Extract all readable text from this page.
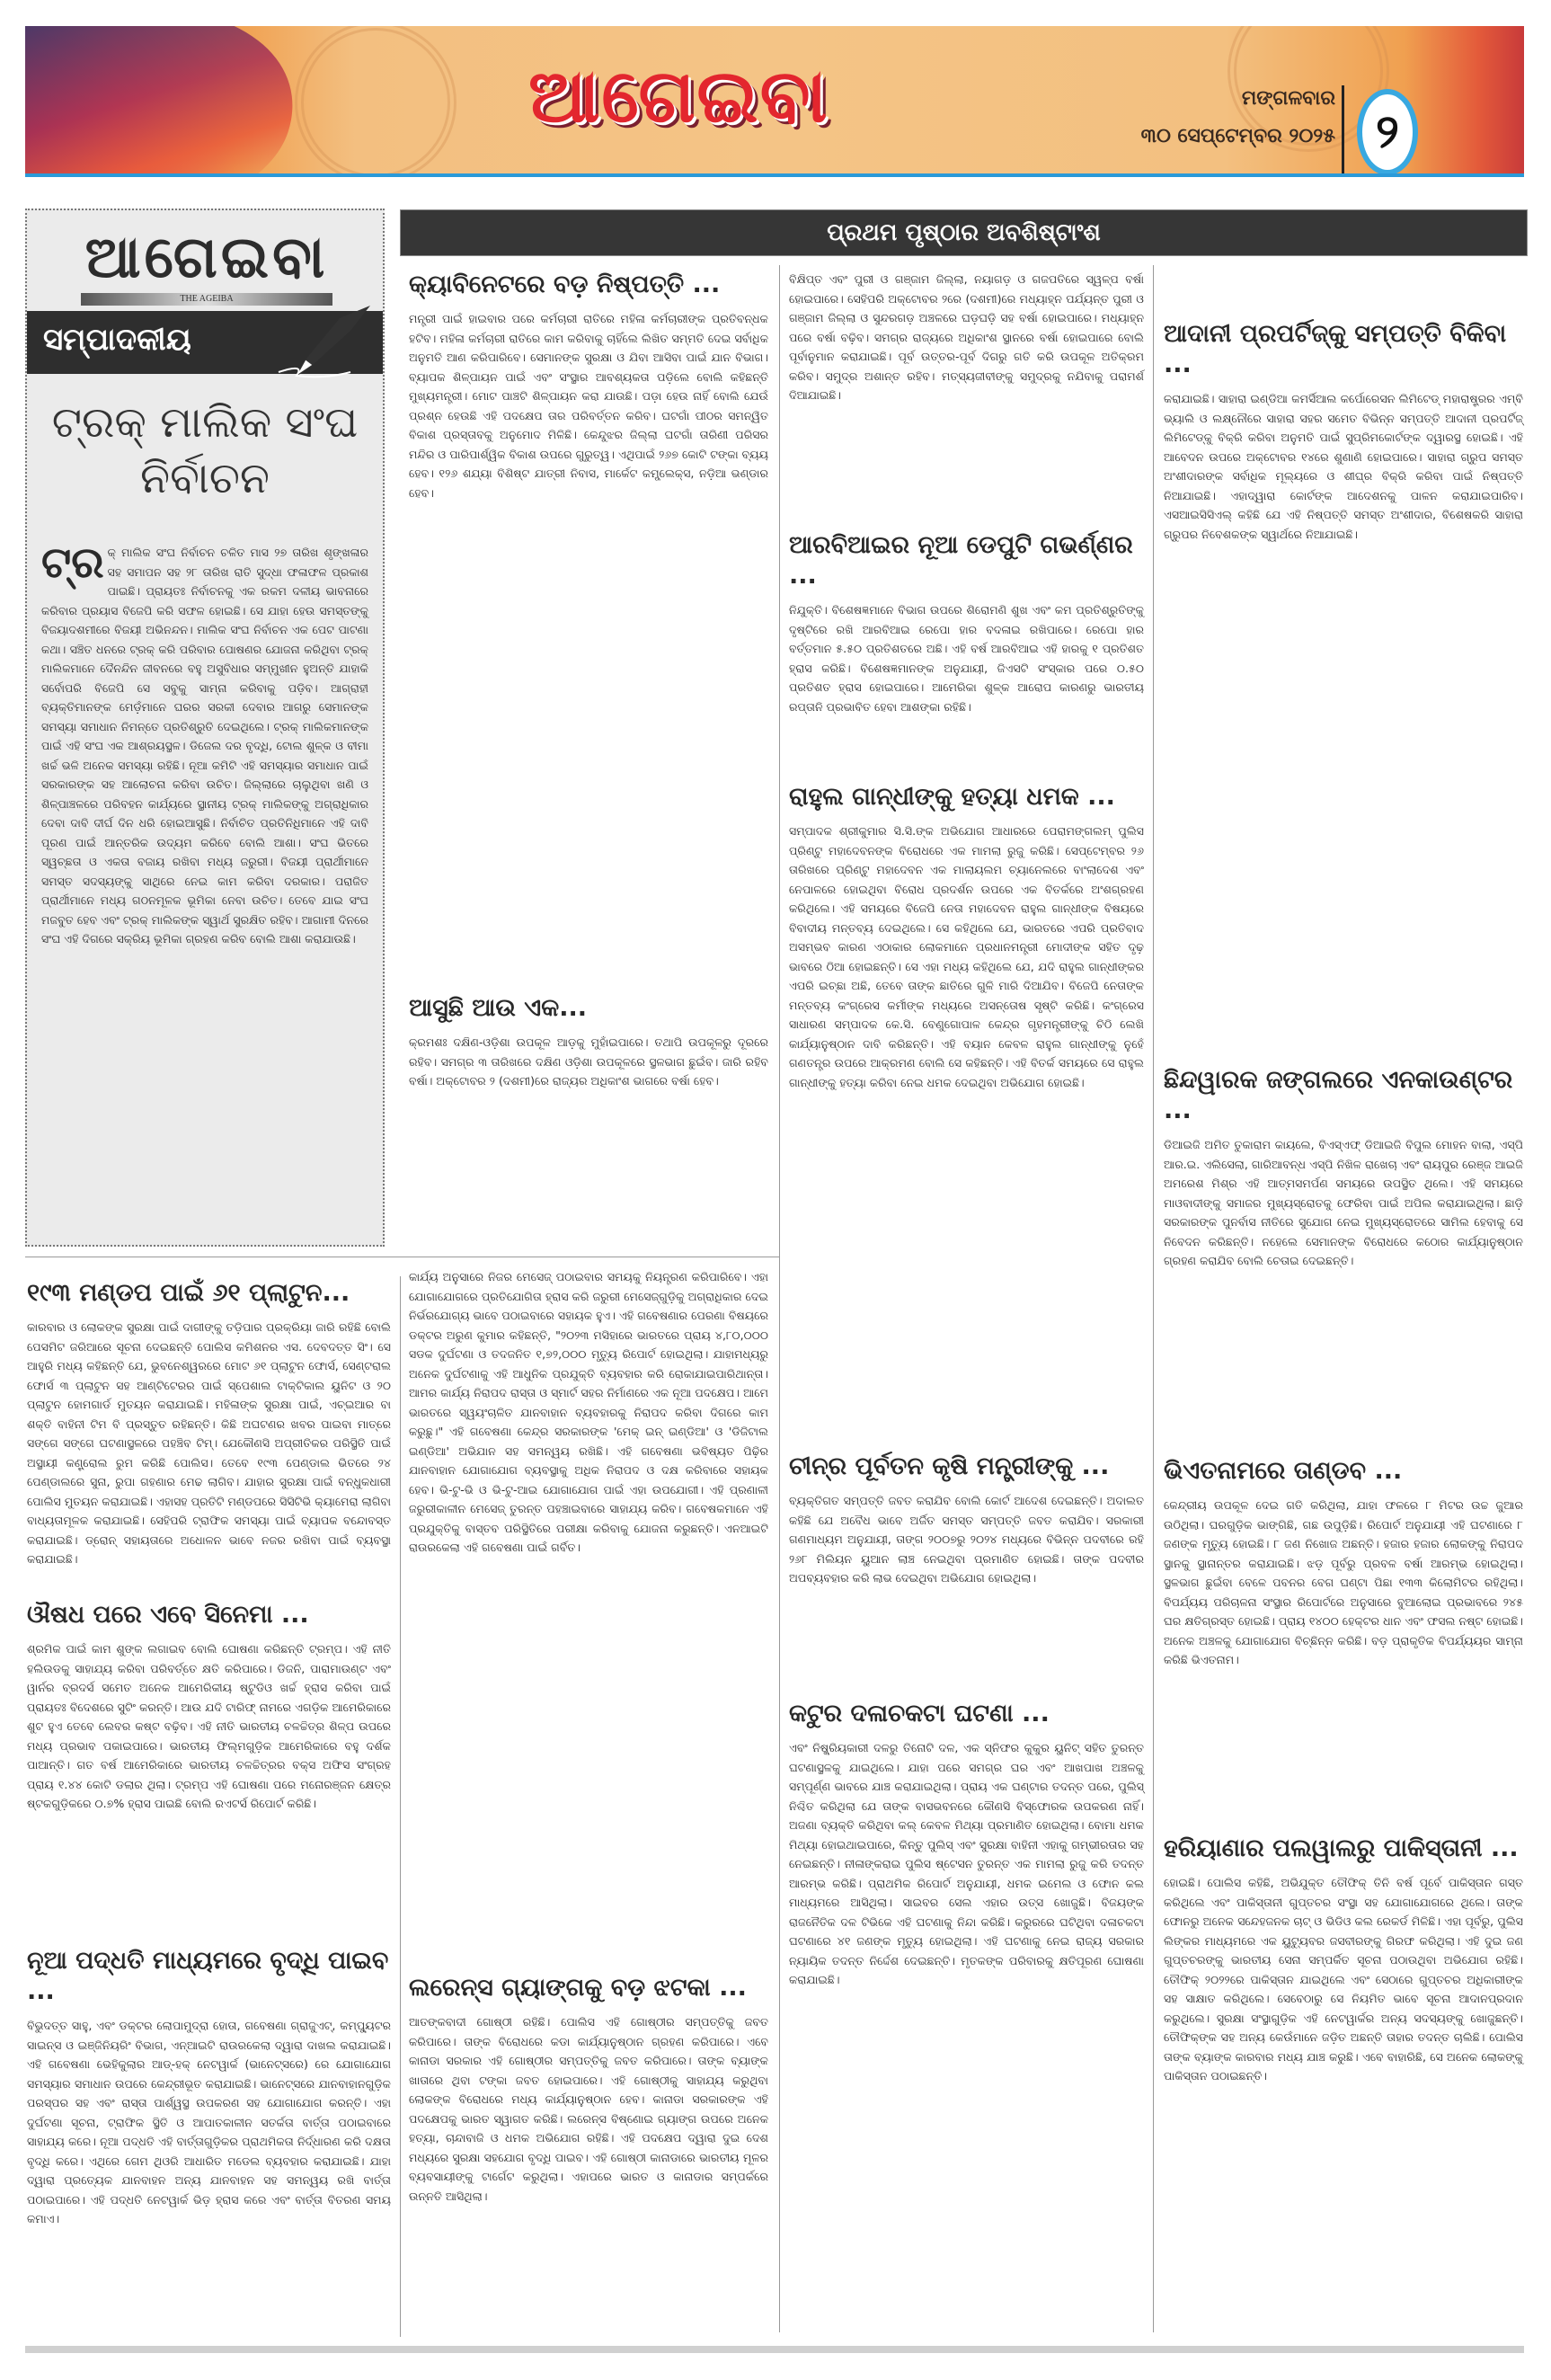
ଆଗେଇବା	ମଙ୍ଗଳବାର
୩୦ ସେପ୍ଟେମ୍ବର ୨୦୨୫ ୨
ଆଗେଇବା
THE AGEIBA
ସମ୍ପାଦକୀୟ
ଟ୍ରକ୍ ମାଲିକ ସଂଘ ନିର୍ବାଚନ
ଟ୍ର କ୍ ମାଲିକ ସଂଘ ନିର୍ବାଚନ ଚଳିତ ମାସ ୨୭ ତାରିଖ ଶୃଙ୍ଖଳାର ସହ ସମାପନ ସହ ୨୮ ତାରିଖ ରାତି ସୁଦ୍ଧା ଫଳାଫଳ ପ୍ରକାଶ ପାଇଛି। ପ୍ରାୟତଃ ନିର୍ବାଚନକୁ ଏକ ରକମ ଦଳୀୟ ଭାବନାରେ କରିବାର ପ୍ରୟାସ ବିଜେପି କରି ସଫଳ ହୋଇଛି। ସେ ଯାହା ହେଉ ସମସ୍ତଙ୍କୁ ବିଜୟାଦଶମୀରେ ବିଜୟୀ ଅଭିନନ୍ଦନ। ମାଲିକ ସଂଘ ନିର୍ବାଚନ ଏକ ପେଟ ପାଟଣା କଥା। ସଞ୍ଚିତ ଧନରେ ଟ୍ରକ୍ କରି ପରିବାର ପୋଷଣର ଯୋଜନା କରିଥିବା ଟ୍ରକ୍ ମାଲିକମାନେ ଦୈନନ୍ଦିନ ଜୀବନରେ ବହୁ ଅସୁବିଧାର ସମ୍ମୁଖୀନ ହୁଅନ୍ତି ଯାହାକି ସର୍ବୋପରି ବିଜେପି ସେ ସବୁକୁ ସାମ୍ନା କରିବାକୁ ପଡ଼ିବ। ଆଗ୍ରାହୀ ବ୍ୟକ୍ତିମାନଙ୍କ ମେଡ଼ଁମାନେ ଘରର ସରକୀ ଦେବାର ଆଗରୁ ସେମାନଙ୍କ ସମସ୍ୟା ସମାଧାନ ନିମନ୍ତେ ପ୍ରତିଶ୍ରୁତି ଦେଇଥିଲେ। ଟ୍ରକ୍ ମାଲିକମାନଙ୍କ ପାଇଁ ଏହି ସଂଘ ଏକ ଆଶ୍ରୟସ୍ଥଳ। ଡିଜେଲ ଦର ବୃଦ୍ଧି, ଟୋଲ ଶୁଳ୍କ ଓ ବୀମା ଖର୍ଚ୍ଚ ଭଳି ଅନେକ ସମସ୍ୟା ରହିଛି। ନୂଆ କମିଟି ଏହି ସମସ୍ୟାର ସମାଧାନ ପାଇଁ ସରକାରଙ୍କ ସହ ଆଲୋଚନା କରିବା ଉଚିତ। ଜିଲ୍ଲାରେ ଚାଲୁଥିବା ଖଣି ଓ ଶିଳ୍ପାଞ୍ଚଳରେ ପରିବହନ କାର୍ଯ୍ୟରେ ସ୍ଥାନୀୟ ଟ୍ରକ୍ ମାଲିକଙ୍କୁ ଅଗ୍ରାଧିକାର ଦେବା ଦାବି ଦୀର୍ଘ ଦିନ ଧରି ହୋଇଆସୁଛି। ନିର୍ବାଚିତ ପ୍ରତିନିଧିମାନେ ଏହି ଦାବି ପୂରଣ ପାଇଁ ଆନ୍ତରିକ ଉଦ୍ୟମ କରିବେ ବୋଲି ଆଶା। ସଂଘ ଭିତରେ ସ୍ୱଚ୍ଛତା ଓ ଏକତା ବଜାୟ ରଖିବା ମଧ୍ୟ ଜରୁରୀ। ବିଜୟୀ ପ୍ରାର୍ଥୀମାନେ ସମସ୍ତ ସଦସ୍ୟଙ୍କୁ ସାଥିରେ ନେଇ କାମ କରିବା ଦରକାର। ପରାଜିତ ପ୍ରାର୍ଥୀମାନେ ମଧ୍ୟ ଗଠନମୂଳକ ଭୂମିକା ନେବା ଉଚିତ। ତେବେ ଯାଇ ସଂଘ ମଜବୁତ ହେବ ଏବଂ ଟ୍ରକ୍ ମାଲିକଙ୍କ ସ୍ୱାର୍ଥ ସୁରକ୍ଷିତ ରହିବ। ଆଗାମୀ ଦିନରେ ସଂଘ ଏହି ଦିଗରେ ସକ୍ରିୟ ଭୂମିକା ଗ୍ରହଣ କରିବ ବୋଲି ଆଶା କରାଯାଉଛି।
ପ୍ରଥମ ପୃଷ୍ଠାର ଅବଶିଷ୍ଟାଂଶ
କ୍ୟାବିନେଟରେ ବଡ଼ ନିଷ୍ପତ୍ତି ...

ମନ୍ତ୍ରୀ ପାଇଁ ହାଇବାର ପରେ କର୍ମଚାରୀ ରାତିରେ ମହିଳା କର୍ମଚାରୀଙ୍କ ପ୍ରତିବନ୍ଧକ ହଟିବ। ମହିଳା କର୍ମଚାରୀ ରାତିରେ କାମ କରିବାକୁ ଚାହିଁଲେ ଲିଖିତ ସମ୍ମତି ଦେଇ ସର୍ବାଧିକ ଅନୁମତି ଆଣ କରିପାରିବେ। ସେମାନଙ୍କ ସୁରକ୍ଷା ଓ ଯିବା ଆସିବା ପାଇଁ ଯାନ ବିଭାଗ। ବ୍ୟାପକ ଶିଳ୍ପାୟନ ପାଇଁ ଏବଂ ସଂସ୍ଥାର ଆବଶ୍ୟକତା ପଡ଼ିଲେ ବୋଲି କହିଛନ୍ତି ମୁଖ୍ୟମନ୍ତ୍ରୀ। ମୋଟ ପାଞ୍ଚଟି ଶିଳ୍ପାୟନ କରା ଯାଉଛି। ପଡ଼ା ହେଉ ନାହିଁ ବୋଲି ଯେଉଁ ପ୍ରଶ୍ନ ହେଉଛି ଏହି ପଦକ୍ଷେପ ତାର ପରିବର୍ତ୍ତନ କରିବ। ଘଟଗାଁ ପୀଠର ସମନ୍ୱିତ ବିକାଶ ପ୍ରସ୍ତାବକୁ ଅନୁମୋଦ ମିଳିଛି। କେନ୍ଦୁଝର ଜିଲ୍ଲା ଘଟଗାଁ ତାରିଣୀ ପରିସର ମନ୍ଦିର ଓ ପାରିପାର୍ଶ୍ୱିକ ବିକାଶ ଉପରେ ଗୁରୁତ୍ୱ। ଏଥିପାଇଁ ୨୬୭ କୋଟି ଟଙ୍କା ବ୍ୟୟ ହେବ। ୧୨୬ ଶଯ୍ୟା ବିଶିଷ୍ଟ ଯାତ୍ରୀ ନିବାସ, ମାର୍କେଟ କମ୍ପ୍ଲେକ୍ସ, ନଡ଼ିଆ ଭଣ୍ଡାର ହେବ।

ଆସୁଛି ଆଉ ଏକ...

କ୍ରମଶଃ ଦକ୍ଷିଣ-ଓଡ଼ିଶା ଉପକୂଳ ଆଡ଼କୁ ମୁହାଁଇପାରେ। ତଥାପି ଉପକୂଳରୁ ଦୂରରେ ରହିବ। ସମଗ୍ର ୩ ତାରିଖରେ ଦକ୍ଷିଣ ଓଡ଼ିଶା ଉପକୂଳରେ ସ୍ଥଳଭାଗ ଛୁଇଁବ। ଜାରି ରହିବ ବର୍ଷା। ଅକ୍ଟୋବର ୨ (ଦଶମୀ)ରେ ରାଜ୍ୟର ଅଧିକାଂଶ ଭାଗରେ ବର୍ଷା ହେବ।

ବିକ୍ଷିପ୍ତ ଏବଂ ପୁରୀ ଓ ଗଞ୍ଜାମ ଜିଲ୍ଲା, ନୟାଗଡ଼ ଓ ଗଜପତିରେ ସ୍ୱଳ୍ପ ବର୍ଷା ହୋଇପାରେ। ସେହିପରି ଅକ୍ଟୋବର ୨ରେ (ଦଶମୀ)ରେ ମଧ୍ୟାହ୍ନ ପର୍ଯ୍ୟନ୍ତ ପୁରୀ ଓ ଗଞ୍ଜାମ ଜିଲ୍ଲା ଓ ସୁନ୍ଦରଗଡ଼ ଅଞ୍ଚଳରେ ଘଡ଼ଘଡ଼ି ସହ ବର୍ଷା ହୋଇପାରେ। ମଧ୍ୟାହ୍ନ ପରେ ବର୍ଷା ବଢ଼ିବ। ସମଗ୍ର ରାଜ୍ୟରେ ଅଧିକାଂଶ ସ୍ଥାନରେ ବର୍ଷା ହୋଇପାରେ ବୋଲି ପୂର୍ବାନୁମାନ କରାଯାଇଛି। ପୂର୍ବ ଉତ୍ତର-ପୂର୍ବ ଦିଗରୁ ଗତି କରି ଉପକୂଳ ଅତିକ୍ରମ କରିବ। ସମୁଦ୍ର ଅଶାନ୍ତ ରହିବ। ମତ୍ସ୍ୟଜୀବୀଙ୍କୁ ସମୁଦ୍ରକୁ ନଯିବାକୁ ପରାମର୍ଶ ଦିଆଯାଇଛି।

ଆଦାନୀ ପ୍ରପର୍ଟିଜ୍‌କୁ ସମ୍ପତ୍ତି ବିକିବା ...

କରାଯାଇଛି। ସାହାରା ଇଣ୍ଡିଆ କମର୍ସିଆଲ କର୍ପୋରେସନ ଲିମିଟେଡ୍ ମହାରାଷ୍ଟ୍ରର ଏମ୍ବି ଭ୍ୟାଲି ଓ ଲକ୍ଷ୍ନୌରେ ସାହାରା ସହର ସମେତ ବିଭିନ୍ନ ସମ୍ପତ୍ତି ଆଦାନୀ ପ୍ରପର୍ଟିଜ୍ ଲିମିଟେଡ୍‌କୁ ବିକ୍ରି କରିବା ଅନୁମତି ପାଇଁ ସୁପ୍ରିମକୋର୍ଟଙ୍କ ଦ୍ୱାରସ୍ଥ ହୋଇଛି। ଏହି ଆବେଦନ ଉପରେ ଅକ୍ଟୋବର ୧୪ରେ ଶୁଣାଣି ହୋଇପାରେ। ସାହାରା ଗ୍ରୁପ ସମସ୍ତ ଅଂଶୀଦାରଙ୍କ ସର୍ବାଧିକ ମୂଲ୍ୟରେ ଓ ଶୀଘ୍ର ବିକ୍ରି କରିବା ପାଇଁ ନିଷ୍ପତ୍ତି ନିଆଯାଇଛି। ଏହାଦ୍ୱାରା କୋର୍ଟଙ୍କ ଆଦେଶନକୁ ପାଳନ କରାଯାଇପାରିବ। ଏସଆଇସିସିଏଲ୍ କହିଛି ଯେ ଏହି ନିଷ୍ପତ୍ତି ସମସ୍ତ ଅଂଶୀଦାର, ବିଶେଷକରି ସାହାରା ଗ୍ରୁପର ନିବେଶକଙ୍କ ସ୍ୱାର୍ଥରେ ନିଆଯାଇଛି।

ଆରବିଆଇର ନୂଆ ଡେପୁଟି ଗଭର୍ଣ୍ଣର ...

ନିଯୁକ୍ତି। ବିଶେଷଜ୍ଞମାନେ ବିଭାଗ ଉପରେ ଶିରୋମଣି ଶୁଖ ଏବଂ କମ ପ୍ରତିଶ୍ରୁତିଙ୍କୁ ଦୃଷ୍ଟିରେ ରଖି ଆରବିଆଇ ରେପୋ ହାର ବଦଳାଇ ରଖିପାରେ। ରେପୋ ହାର ବର୍ତ୍ତମାନ ୫.୫୦ ପ୍ରତିଶତରେ ଅଛି। ଏହି ବର୍ଷ ଆରବିଆଇ ଏହି ହାରକୁ ୧ ପ୍ରତିଶତ ହ୍ରାସ କରିଛି। ବିଶେଷଜ୍ଞମାନଙ୍କ ଅନୁଯାୟୀ, ଜିଏସଟି ସଂସ୍କାର ପରେ ୦.୫୦ ପ୍ରତିଶତ ହ୍ରାସ ହୋଇପାରେ। ଆମେରିକା ଶୁଳ୍କ ଆରୋପ କାରଣରୁ ଭାରତୀୟ ରପ୍ତାନି ପ୍ରଭାବିତ ହେବା ଆଶଙ୍କା ରହିଛି।

ରାହୁଲ ଗାନ୍ଧୀଙ୍କୁ ହତ୍ୟା ଧମକ ...

ସମ୍ପାଦକ ଶ୍ରୀକୁମାର ସି.ସି.ଙ୍କ ଅଭିଯୋଗ ଆଧାରରେ ପେରାମଙ୍ଗଲମ୍ ପୁଲିସ ପ୍ରିଣ୍ଟୁ ମହାଦେବନଙ୍କ ବିରୋଧରେ ଏକ ମାମଲା ରୁଜୁ କରିଛି। ସେପ୍ଟେମ୍ବର ୨୬ ତାରିଖରେ ପ୍ରିଣ୍ଟୁ ମହାଦେବନ ଏକ ମାଲାୟଲମ ଚ୍ୟାନେଲରେ ବାଂଲାଦେଶ ଏବଂ ନେପାଳରେ ହୋଇଥିବା ବିରୋଧ ପ୍ରଦର୍ଶନ ଉପରେ ଏକ ବିତର୍କରେ ଅଂଶଗ୍ରହଣ କରିଥିଲେ। ଏହି ସମୟରେ ବିଜେପି ନେତା ମହାଦେବନ ରାହୁଲ ଗାନ୍ଧୀଙ୍କ ବିଷୟରେ ବିବାଦୀୟ ମନ୍ତବ୍ୟ ଦେଇଥିଲେ। ସେ କହିଥିଲେ ଯେ, ଭାରତରେ ଏପରି ପ୍ରତିବାଦ ଅସମ୍ଭବ କାରଣ ଏଠାକାର ଲୋକମାନେ ପ୍ରଧାନମନ୍ତ୍ରୀ ମୋଦୀଙ୍କ ସହିତ ଦୃଢ଼ ଭାବରେ ଠିଆ ହୋଇଛନ୍ତି। ସେ ଏହା ମଧ୍ୟ କହିଥିଲେ ଯେ, ଯଦି ରାହୁଲ ଗାନ୍ଧୀଙ୍କର ଏପରି ଇଚ୍ଛା ଅଛି, ତେବେ ତାଙ୍କ ଛାତିରେ ଗୁଳି ମାରି ଦିଆଯିବ। ବିଜେପି ନେତାଙ୍କ ମନ୍ତବ୍ୟ କଂଗ୍ରେସ କର୍ମୀଙ୍କ ମଧ୍ୟରେ ଅସନ୍ତୋଷ ସୃଷ୍ଟି କରିଛି। କଂଗ୍ରେସ ସାଧାରଣ ସମ୍ପାଦକ କେ.ସି. ବେଣୁଗୋପାଳ କେନ୍ଦ୍ର ଗୃହମନ୍ତ୍ରୀଙ୍କୁ ଚିଠି ଲେଖି କାର୍ଯ୍ୟାନୁଷ୍ଠାନ ଦାବି କରିଛନ୍ତି। ଏହି ବୟାନ କେବଳ ରାହୁଲ ଗାନ୍ଧୀଙ୍କୁ ନୁହେଁ ଗଣତନ୍ତ୍ର ଉପରେ ଆକ୍ରମଣ ବୋଲି ସେ କହିଛନ୍ତି। ଏହି ବିତର୍କ ସମୟରେ ସେ ରାହୁଲ ଗାନ୍ଧୀଙ୍କୁ ହତ୍ୟା କରିବା ନେଇ ଧମକ ଦେଇଥିବା ଅଭିଯୋଗ ହୋଇଛି।	ଛିନ୍ଦୱାରକ ଜଙ୍ଗଲରେ ଏନକାଉଣ୍ଟର ...

ଡିଆଇଜି ଅମିତ ତୁକାରାମ କାୟଲେ, ବିଏସ୍ଏଫ୍ ଡିଆଇଜି ବିପୁଲ ମୋହନ ବାଲା, ଏସ୍ପି ଆର.ଇ. ଏଲିସେଲା, ଗାରିଆବନ୍ଧ ଏସ୍ପି ନିଖିଳ ରାଖେଚା ଏବଂ ରାୟପୁର ରେଞ୍ଜ ଆଇଜି ଅମରେଶ ମିଶ୍ର ଏହି ଆତ୍ମସମର୍ପଣ ସମୟରେ ଉପସ୍ଥିତ ଥିଲେ। ଏହି ସମୟରେ ମାଓବାଦୀଙ୍କୁ ସମାଜର ମୁଖ୍ୟସ୍ରୋତକୁ ଫେରିବା ପାଇଁ ଅପିଲ କରାଯାଇଥିଲା। ଛାଡ଼ି ସରକାରଙ୍କ ପୁନର୍ବାସ ନୀତିରେ ସୁଯୋଗ ନେଇ ମୁଖ୍ୟସ୍ରୋତରେ ସାମିଲ ହେବାକୁ ସେ ନିବେଦନ କରିଛନ୍ତି। ନହେଲେ ସେମାନଙ୍କ ବିରୋଧରେ କଠୋର କାର୍ଯ୍ୟାନୁଷ୍ଠାନ ଗ୍ରହଣ କରାଯିବ ବୋଲି ଚେତାଇ ଦେଇଛନ୍ତି।

ଚୀନ୍‌ର ପୂର୍ବତନ କୃଷି ମନ୍ତ୍ରୀଙ୍କୁ ...

ବ୍ୟକ୍ତିଗତ ସମ୍ପତ୍ତି ଜବତ କରାଯିବ ବୋଲି କୋର୍ଟ ଆଦେଶ ଦେଇଛନ୍ତି। ଅଦାଲତ କହିଛି ଯେ ଅବୈଧ ଭାବେ ଅର୍ଜିତ ସମସ୍ତ ସମ୍ପତ୍ତି ଜବତ କରାଯିବ। ସରକାରୀ ଗଣମାଧ୍ୟମ ଅନୁଯାୟୀ, ତାଙ୍ଗ ୨୦୦୭ରୁ ୨୦୨୪ ମଧ୍ୟରେ ବିଭିନ୍ନ ପଦବୀରେ ରହି ୨୬୮ ମିଲିୟନ ୟୁଆନ ଲାଞ୍ଚ ନେଇଥିବା ପ୍ରମାଣିତ ହୋଇଛି। ତାଙ୍କ ପଦବୀର ଅପବ୍ୟବହାର କରି ଲାଭ ଦେଇଥିବା ଅଭିଯୋଗ ହୋଇଥିଲା।

ଭିଏତନାମରେ ତାଣ୍ଡବ ...

କେନ୍ଦ୍ରୀୟ ଉପକୂଳ ଦେଇ ଗତି କରିଥିଲା, ଯାହା ଫଳରେ ୮ ମିଟର ଉଚ୍ଚ ଜୁଆର ଉଠିଥିଲା। ଘରଗୁଡ଼ିକ ଭାଙ୍ଗିଛି, ଗଛ ଉପୁଡ଼ିଛି। ରିପୋର୍ଟ ଅନୁଯାୟୀ ଏହି ଘଟଣାରେ ୮ ଜଣଙ୍କ ମୃତ୍ୟୁ ହୋଇଛି। ୮ ଜଣ ନିଖୋଜ ଅଛନ୍ତି। ହଜାର ହଜାର ଲୋକଙ୍କୁ ନିରାପଦ ସ୍ଥାନକୁ ସ୍ଥାନାନ୍ତର କରାଯାଇଛି। ଝଡ଼ ପୂର୍ବରୁ ପ୍ରବଳ ବର୍ଷା ଆରମ୍ଭ ହୋଇଥିଲା। ସ୍ଥଳଭାଗ ଛୁଇଁବା ବେଳେ ପବନର ବେଗ ଘଣ୍ଟା ପିଛା ୧୩୩ କିଲୋମିଟର ରହିଥିଲା। ବିପର୍ଯ୍ୟୟ ପରିଚାଳନା ସଂସ୍ଥାର ରିପୋର୍ଟରେ ଅନୁସାରେ ବୁଆଲୋଇ ପ୍ରଭାବରେ ୨୪୫ ଘର କ୍ଷତିଗ୍ରସ୍ତ ହୋଇଛି। ପ୍ରାୟ ୧୪୦୦ ହେକ୍ଟର ଧାନ ଏବଂ ଫସଲ ନଷ୍ଟ ହୋଇଛି। ଅନେକ ଅଞ୍ଚଳକୁ ଯୋଗାଯୋଗ ବିଚ୍ଛିନ୍ନ କରିଛି। ବଡ଼ ପ୍ରାକୃତିକ ବିପର୍ଯ୍ୟୟର ସାମ୍ନା କରିଛି ଭିଏତନାମ।

୧୯୩ ମଣ୍ଡପ ପାଇଁ ୬୧ ପ୍ଲାଟୁନ...

କାରବାର ଓ ଲୋକଙ୍କ ସୁରକ୍ଷା ପାଇଁ ଦାଗୀଙ୍କୁ ତଡ଼ିପାର ପ୍ରକ୍ରିୟା ଜାରି ରହିଛି ବୋଲି ପେସମିଟ ଜରିଆରେ ସୂଚନା ଦେଇଛନ୍ତି ପୋଲିସ କମିଶନର ଏସ. ଦେବଦତ୍ତ ସିଂ। ସେ ଆହୁରି ମଧ୍ୟ କହିଛନ୍ତି ଯେ, ଭୁବନେଶ୍ୱରରେ ମୋଟ ୬୧ ପ୍ଲାଟୁନ ଫୋର୍ସ, ସେଣ୍ଟରାଲ ଫୋର୍ସ ୩ ପ୍ଲାଟୁନ ସହ ଆଣ୍ଟିଟେରର ପାଇଁ ସ୍ପେଶାଲ ଟାକ୍ଟିକାଲ ୟୁନିଟ ଓ ୨୦ ପ୍ଲାଟୁନ ହୋମଗାର୍ଡ ମୁତୟନ କରାଯାଇଛି। ମହିଳାଙ୍କ ସୁରକ୍ଷା ପାଇଁ, ଏଚ୍ଇଆର ବା ଶକ୍ତି ବାହିନୀ ଟିମ ବି ପ୍ରସ୍ତୁତ ରହିଛନ୍ତି। କିଛି ଅଘଟଣର ଖବର ପାଇବା ମାତ୍ରେ ସଙ୍ଗେ ସଙ୍ଗେ ଘଟଣାସ୍ଥଳରେ ପହଞ୍ଚିବ ଟିମ୍। ଯେକୌଣସି ଅପ୍ରୀତିକର ପରିସ୍ଥିତି ପାଇଁ ଅସ୍ଥାୟୀ କଣ୍ଟ୍ରୋଲ ରୁମ କରିଛି ପୋଲିସ। ତେବେ ୧୯୩ ପେଣ୍ଡାଲ ଭିତରେ ୨୪ ପେଣ୍ଡାଲରେ ସୁନା, ରୁପା ଗହଣାର ମେଢ ଲାଗିବ। ଯାହାର ସୁରକ୍ଷା ପାଇଁ ବନ୍ଧୁକଧାରୀ ପୋଲିସ ମୁତୟନ କରାଯାଇଛି। ଏହାସହ ପ୍ରତିଟି ମଣ୍ଡପରେ ସିସିଟିଭି କ୍ୟାମେରା ଲାଗିବା ବାଧ୍ୟତାମୂଳକ କରାଯାଇଛି। ସେହିପରି ଟ୍ରାଫିକ ସମସ୍ୟା ପାଇଁ ବ୍ୟାପକ ବନ୍ଦୋବସ୍ତ କରାଯାଇଛି। ଡ୍ରୋନ୍ ସହାୟତାରେ ଅଧୋଳନ ଭାବେ ନଜର ରଖିବା ପାଇଁ ବ୍ୟବସ୍ଥା କରାଯାଇଛି।

କାର୍ଯ୍ୟ ଅନୁସାରେ ନିଜର ମେସେଜ୍ ପଠାଇବାର ସମୟକୁ ନିୟନ୍ତ୍ରଣ କରିପାରିବେ। ଏହା ଯୋଗାଯୋଗରେ ପ୍ରତିଯୋଗିତା ହ୍ରାସ କରି ଜରୁରୀ ମେସେଜ୍‌ଗୁଡ଼ିକୁ ଅଗ୍ରାଧିକାର ଦେଇ ନିର୍ଭରଯୋଗ୍ୟ ଭାବେ ପଠାଇବାରେ ସହାୟକ ହୁଏ। ଏହି ଗବେଷଣାର ପେରଣା ବିଷୟରେ ଡକ୍ଟର ଅରୁଣ କୁମାର କହିଛନ୍ତି, "୨୦୨୩ ମସିହାରେ ଭାରତରେ ପ୍ରାୟ ୪,୮୦,୦୦୦ ସଡକ ଦୁର୍ଘଟଣା ଓ ତଦଜନିତ ୧,୭୨,୦୦୦ ମୃତ୍ୟୁ ରିପୋର୍ଟ ହୋଇଥିଲା। ଯାହାମଧ୍ୟରୁ ଅନେକ ଦୁର୍ଘଟଣାକୁ ଏହି ଆଧୁନିକ ପ୍ରଯୁକ୍ତି ବ୍ୟବହାର କରି ରୋକାଯାଇପାରିଥାନ୍ତା। ଆମର କାର୍ଯ୍ୟ ନିରାପଦ ରାସ୍ତା ଓ ସ୍ମାର୍ଟ ସହର ନିର୍ମାଣରେ ଏକ ନୂଆ ପଦକ୍ଷେପ। ଆମେ ଭାରତରେ ସ୍ୱୟଂଚାଳିତ ଯାନବାହାନ ବ୍ୟବହାରକୁ ନିରାପଦ କରିବା ଦିଗରେ କାମ କରୁଛୁ।" ଏହି ଗବେଷଣା କେନ୍ଦ୍ର ସରକାରଙ୍କ 'ମେକ୍ ଇନ୍ ଇଣ୍ଡିଆ' ଓ 'ଡିଜିଟାଲ ଇଣ୍ଡିଆ' ଅଭିଯାନ ସହ ସମନ୍ୱୟ ରଖିଛି। ଏହି ଗବେଷଣା ଭବିଷ୍ୟତ ପିଢ଼ିର ଯାନବାହାନ ଯୋଗାଯୋଗ ବ୍ୟବସ୍ଥାକୁ ଅଧିକ ନିରାପଦ ଓ ଦକ୍ଷ କରିବାରେ ସହାୟକ ହେବ। ଭି-ଟୁ-ଭି ଓ ଭି-ଟୁ-ଆଇ ଯୋଗାଯୋଗ ପାଇଁ ଏହା ଉପଯୋଗୀ। ଏହି ପ୍ରଣାଳୀ ଜରୁରୀକାଳୀନ ମେସେଜ୍ ତୁରନ୍ତ ପହଞ୍ଚାଇବାରେ ସାହାଯ୍ୟ କରିବ। ଗବେଷକମାନେ ଏହି ପ୍ରଯୁକ୍ତିକୁ ବାସ୍ତବ ପରିସ୍ଥିତିରେ ପରୀକ୍ଷା କରିବାକୁ ଯୋଜନା କରୁଛନ୍ତି। ଏନଆଇଟି ରାଉରକେଲା ଏହି ଗବେଷଣା ପାଇଁ ଗର୍ବିତ।

ଔଷଧ ପରେ ଏବେ ସିନେମା ...

ଶ୍ରମିକ ପାଇଁ କାମ ଶୁଙ୍କ ଲଗାଇବ ବୋଲି ଘୋଷଣା କରିଛନ୍ତି ଟ୍ରମ୍ପ। ଏହି ନୀତି ହଲିଉଡକୁ ସାହାଯ୍ୟ କରିବା ପରିବର୍ତ୍ତେ କ୍ଷତି କରିପାରେ। ଡିଜନି, ପାରାମାଉଣ୍ଟ ଏବଂ ୱାର୍ନର ବ୍ରଦର୍ସ ସମେତ ଅନେକ ଆମେରିକୀୟ ଷ୍ଟୁଡିଓ ଖର୍ଚ୍ଚ ହ୍ରାସ କରିବା ପାଇଁ ପ୍ରାୟତଃ ବିଦେଶରେ ସୁଟିଂ କରନ୍ତି। ଆଉ ଯଦି ଟାରିଫ୍ ନାମରେ ଏଗଡ଼ିକ ଆମେରିକାରେ ଶୁଟ ହୁଏ ତେବେ ଲେବର କଷ୍ଟ ବଢ଼ିବ। ଏହି ନୀତି ଭାରତୀୟ ଚଳଚ୍ଚିତ୍ର ଶିଳ୍ପ ଉପରେ ମଧ୍ୟ ପ୍ରଭାବ ପକାଇପାରେ। ଭାରତୀୟ ଫିଲ୍ମଗୁଡ଼ିକ ଆମେରିକାରେ ବହୁ ଦର୍ଶକ ପାଆନ୍ତି। ଗତ ବର୍ଷ ଆମେରିକାରେ ଭାରତୀୟ ଚଳଚ୍ଚିତ୍ରର ବକ୍ସ ଅଫିସ ସଂଗ୍ରହ ପ୍ରାୟ ୧.୪୪ କୋଟି ଡଲାର ଥିଲା। ଟ୍ରମ୍ପ ଏହି ଘୋଷଣା ପରେ ମନୋରଞ୍ଜନ କ୍ଷେତ୍ର ଷ୍ଟକଗୁଡ଼ିକରେ ୦.୭% ହ୍ରାସ ପାଇଛି ବୋଲି ରଏଟର୍ସ ରିପୋର୍ଟ କରିଛି।

ନୂଆ ପଦ୍ଧତି ମାଧ୍ୟମରେ ବୃଦ୍ଧି ପାଇବ ...

ବିଭୁଦତ୍ତ ସାହୁ, ଏବଂ ଡକ୍ଟର ଲୋପାମୁଦ୍ରା ହୋତା, ଗବେଷଣା ଗ୍ରାଜୁଏଟ୍, କମ୍ପ୍ୟୁଟର ସାଇନ୍ସ ଓ ଇଞ୍ଜିନିୟରିଂ ବିଭାଗ, ଏନ୍ଆଇଟି ରାଉରକେଲା ଦ୍ୱାରା ଦାଖଲ କରାଯାଇଛି। ଏହି ଗବେଷଣା ଭେହିକୁଲାର ଆଡ୍-ହକ୍ ନେଟୱାର୍କ (ଭାନେଟ୍ସରେ) ରେ ଯୋଗାଯୋଗ ସମସ୍ୟାର ସମାଧାନ ଉପରେ କେନ୍ଦ୍ରୀଭୂତ କରାଯାଇଛି। ଭାନେଟ୍ସରେ ଯାନବାହାନଗୁଡ଼ିକ ପରସ୍ପର ସହ ଏବଂ ରାସ୍ତା ପାର୍ଶ୍ୱସ୍ଥ ଉପକରଣ ସହ ଯୋଗାଯୋଗ କରନ୍ତି। ଏହା ଦୁର୍ଘଟଣା ସୂଚନା, ଟ୍ରାଫିକ ସ୍ଥିତି ଓ ଆପାତକାଳୀନ ସତର୍କତା ବାର୍ତ୍ତା ପଠାଇବାରେ ସାହାଯ୍ୟ କରେ। ନୂଆ ପଦ୍ଧତି ଏହି ବାର୍ତ୍ତାଗୁଡ଼ିକର ପ୍ରାଥମିକତା ନିର୍ଦ୍ଧାରଣ କରି ଦକ୍ଷତା ବୃଦ୍ଧି କରେ। ଏଥିରେ ଗେମ ଥିଓରି ଆଧାରିତ ମଡେଲ ବ୍ୟବହାର କରାଯାଇଛି। ଯାହା ଦ୍ୱାରା ପ୍ରତ୍ୟେକ ଯାନବାହନ ଅନ୍ୟ ଯାନବାହନ ସହ ସମନ୍ୱୟ ରଖି ବାର୍ତ୍ତା ପଠାଇପାରେ। ଏହି ପଦ୍ଧତି ନେଟୱାର୍କ ଭିଡ଼ ହ୍ରାସ କରେ ଏବଂ ବାର୍ତ୍ତା ବିତରଣ ସମୟ କମାଏ।

ଲରେନ୍ସ ଗ୍ୟାଙ୍ଗକୁ ବଡ଼ ଝଟକା ...

ଆତଙ୍କବାଦୀ ଗୋଷ୍ଠୀ ରହିଛି। ପୋଲିସ ଏହି ଗୋଷ୍ଠୀର ସମ୍ପତ୍ତିକୁ ଜବତ କରିପାରେ। ତାଙ୍କ ବିରୋଧରେ କଡା କାର୍ଯ୍ୟାନୁଷ୍ଠାନ ଗ୍ରହଣ କରିପାରେ। ଏବେ କାନାଡା ସରକାର ଏହି ଗୋଷ୍ଠୀର ସମ୍ପତ୍ତିକୁ ଜବତ କରିପାରେ। ତାଙ୍କ ବ୍ୟାଙ୍କ ଖାତାରେ ଥିବା ଟଙ୍କା ଜବତ ହୋଇପାରେ। ଏହି ଗୋଷ୍ଠୀକୁ ସାହାଯ୍ୟ କରୁଥିବା ଲୋକଙ୍କ ବିରୋଧରେ ମଧ୍ୟ କାର୍ଯ୍ୟାନୁଷ୍ଠାନ ହେବ। କାନାଡା ସରକାରଙ୍କ ଏହି ପଦକ୍ଷେପକୁ ଭାରତ ସ୍ୱାଗତ କରିଛି। ଲରେନ୍ସ ବିଷ୍ଣୋଇ ଗ୍ୟାଙ୍ଗ ଉପରେ ଅନେକ ହତ୍ୟା, ଚାନ୍ଦାବାଜି ଓ ଧମକ ଅଭିଯୋଗ ରହିଛି। ଏହି ପଦକ୍ଷେପ ଦ୍ୱାରା ଦୁଇ ଦେଶ ମଧ୍ୟରେ ସୁରକ୍ଷା ସହଯୋଗ ବୃଦ୍ଧି ପାଇବ। ଏହି ଗୋଷ୍ଠୀ କାନାଡାରେ ଭାରତୀୟ ମୂଳର ବ୍ୟବସାୟୀଙ୍କୁ ଟାର୍ଗେଟ କରୁଥିଲା। ଏହାପରେ ଭାରତ ଓ କାନାଡାର ସମ୍ପର୍କରେ ଉନ୍ନତି ଆସିଥିଲା।

କଟୁର ଦଳାଚକଟା ଘଟଣା ...

ଏବଂ ନିଷ୍କ୍ରିୟକାରୀ ଦଳରୁ ତିନୋଟି ଦଳ, ଏକ ସ୍ନିଫର କୁକୁର ୟୁନିଟ୍ ସହିତ ତୁରନ୍ତ ଘଟଣାସ୍ଥଳକୁ ଯାଇଥିଲେ। ଯାହା ପରେ ସମଗ୍ର ଘର ଏବଂ ଆଖପାଖ ଅଞ୍ଚଳକୁ ସମ୍ପୂର୍ଣ୍ଣ ଭାବରେ ଯାଞ୍ଚ କରାଯାଇଥିଲା। ପ୍ରାୟ ଏକ ଘଣ୍ଟାର ତଦନ୍ତ ପରେ, ପୁଲିସ୍ ନିଶ୍ଚିତ କରିଥିଲା ଯେ ତାଙ୍କ ବାସଭବନରେ କୌଣସି ବିସ୍ଫୋରକ ଉପକରଣ ନାହିଁ। ଅଜଣା ବ୍ୟକ୍ତି କରିଥିବା କଲ୍ କେବଳ ମିଥ୍ୟା ପ୍ରମାଣିତ ହୋଇଥିଲା। ବୋମା ଧମକ ମିଥ୍ୟା ହୋଇଥାଇପାରେ, କିନ୍ତୁ ପୁଲିସ୍ ଏବଂ ସୁରକ୍ଷା ବାହିନୀ ଏହାକୁ ଗମ୍ଭୀରତାର ସହ ନେଇଛନ୍ତି। ନୀଳାଙ୍କରାଇ ପୁଲିସ ଷ୍ଟେସନ ତୁରନ୍ତ ଏକ ମାମଲା ରୁଜୁ କରି ତଦନ୍ତ ଆରମ୍ଭ କରିଛି। ପ୍ରାଥମିକ ରିପୋର୍ଟ ଅନୁଯାୟୀ, ଧମକ ଇମେଲ ଓ ଫୋନ କଲ ମାଧ୍ୟମରେ ଆସିଥିଲା। ସାଇବର ସେଲ ଏହାର ଉତ୍ସ ଖୋଜୁଛି। ବିଜୟଙ୍କ ରାଜନୈତିକ ଦଳ ଟିଭିକେ ଏହି ଘଟଣାକୁ ନିନ୍ଦା କରିଛି। କରୁରରେ ଘଟିଥିବା ଦଳାଚକଟା ଘଟଣାରେ ୪୧ ଜଣଙ୍କ ମୃତ୍ୟୁ ହୋଇଥିଲା। ଏହି ଘଟଣାକୁ ନେଇ ରାଜ୍ୟ ସରକାର ନ୍ୟାୟିକ ତଦନ୍ତ ନିର୍ଦ୍ଦେଶ ଦେଇଛନ୍ତି। ମୃତକଙ୍କ ପରିବାରକୁ କ୍ଷତିପୂରଣ ଘୋଷଣା କରାଯାଇଛି।

ହରିୟାଣାର ପଲୱାଲରୁ ପାକିସ୍ତାନୀ ...

ହୋଇଛି। ପୋଲିସ କହିଛି, ଅଭିଯୁକ୍ତ ତୌଫିକ୍ ତିନି ବର୍ଷ ପୂର୍ବେ ପାକିସ୍ତାନ ଗସ୍ତ କରିଥିଲେ ଏବଂ ପାକିସ୍ତାନୀ ଗୁପ୍ତଚର ସଂସ୍ଥା ସହ ଯୋଗାଯୋଗରେ ଥିଲେ। ତାଙ୍କ ଫୋନରୁ ଅନେକ ସନ୍ଦେହଜନକ ଚାଟ୍ ଓ ଭିଡିଓ କଲ ରେକର୍ଡ ମିଳିଛି। ଏହା ପୂର୍ବରୁ, ପୁଲିସ ଲିଙ୍କର ମାଧ୍ୟମରେ ଏକ ୟୁଟ୍ୟୁବର ଜସବୀରଙ୍କୁ ଗିରଫ କରିଥିଲା। ଏହି ଦୁଇ ଜଣ ଗୁପ୍ତଚରଙ୍କୁ ଭାରତୀୟ ସେନା ସମ୍ପର୍କିତ ସୂଚନା ପଠାଉଥିବା ଅଭିଯୋଗ ରହିଛି। ତୌଫିକ୍ ୨୦୨୨ରେ ପାକିସ୍ତାନ ଯାଇଥିଲେ ଏବଂ ସେଠାରେ ଗୁପ୍ତଚର ଅଧିକାରୀଙ୍କ ସହ ସାକ୍ଷାତ କରିଥିଲେ। ସେବେଠାରୁ ସେ ନିୟମିତ ଭାବେ ସୂଚନା ଆଦାନପ୍ରଦାନ କରୁଥିଲେ। ସୁରକ୍ଷା ସଂସ୍ଥାଗୁଡ଼ିକ ଏହି ନେଟୱାର୍କର ଅନ୍ୟ ସଦସ୍ୟଙ୍କୁ ଖୋଜୁଛନ୍ତି। ତୌଫିକ୍‌ଙ୍କ ସହ ଅନ୍ୟ କେଉଁମାନେ ଜଡ଼ିତ ଅଛନ୍ତି ତାହାର ତଦନ୍ତ ଚାଲିଛି। ପୋଲିସ ତାଙ୍କ ବ୍ୟାଙ୍କ କାରବାର ମଧ୍ୟ ଯାଞ୍ଚ କରୁଛି। ଏବେ ବାହାରିଛି, ସେ ଅନେକ ଲୋକଙ୍କୁ ପାକିସ୍ତାନ ପଠାଇଛନ୍ତି।
